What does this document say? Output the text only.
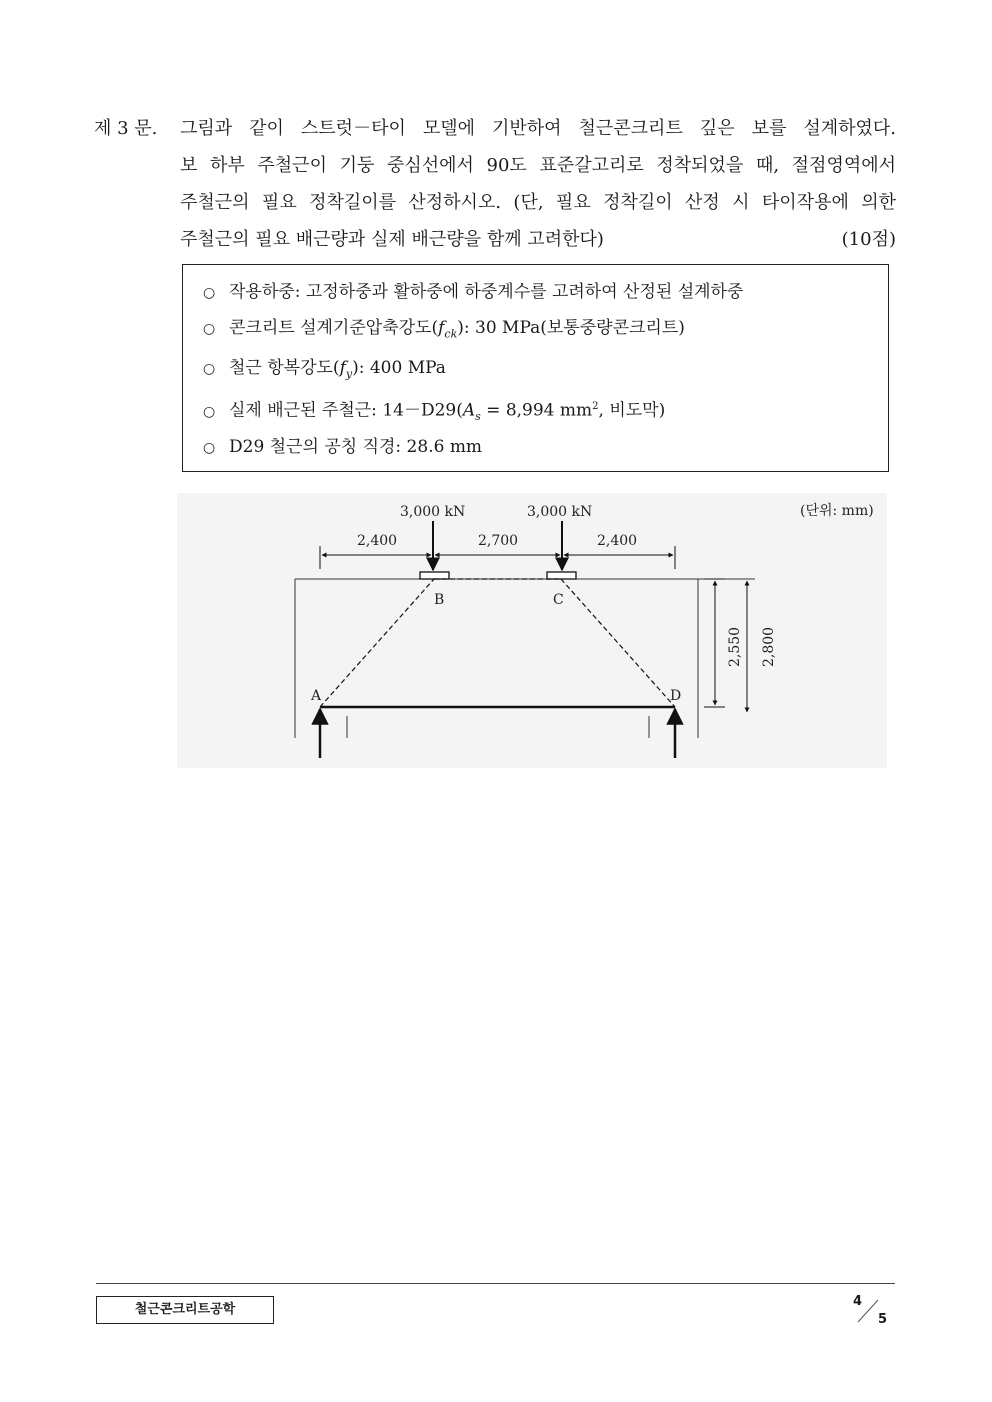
제 3 문. 그림과 같이 스트럿－타이 모델에 기반하여 철근콘크리트 깊은 보를 설계하였다.
보 하부 주철근이 기둥 중심선에서 90도 표준갈고리로 정착되었을 때, 절점영역에서
주철근의 필요 정착길이를 산정하시오. (단, 필요 정착길이 산정 시 타이작용에 의한
주철근의 필요 배근량과 실제 배근량을 함께 고려한다)	(10점)
○ 작용하중: 고정하중과 활하중에 하중계수를 고려하여 산정된 설계하중
○ 콘크리트 설계기준압축강도$(f_{ck})$: 30 MPa(보통중량콘크리트)
○ 철근 항복강도$(f_y)$: 400 MPa
○ 실제 배근된 주철근: $14-D29(A_s = 8,994$ $mm^2$, 비도막)
○ D29 철근의 공칭 직경: 28.6 mm
(단위: mm)
3,000 kN	3,000 kN
2,400	2,700	2,400
A
B	C
D
2,550 2,800
철근콘크리트공학
4
5
